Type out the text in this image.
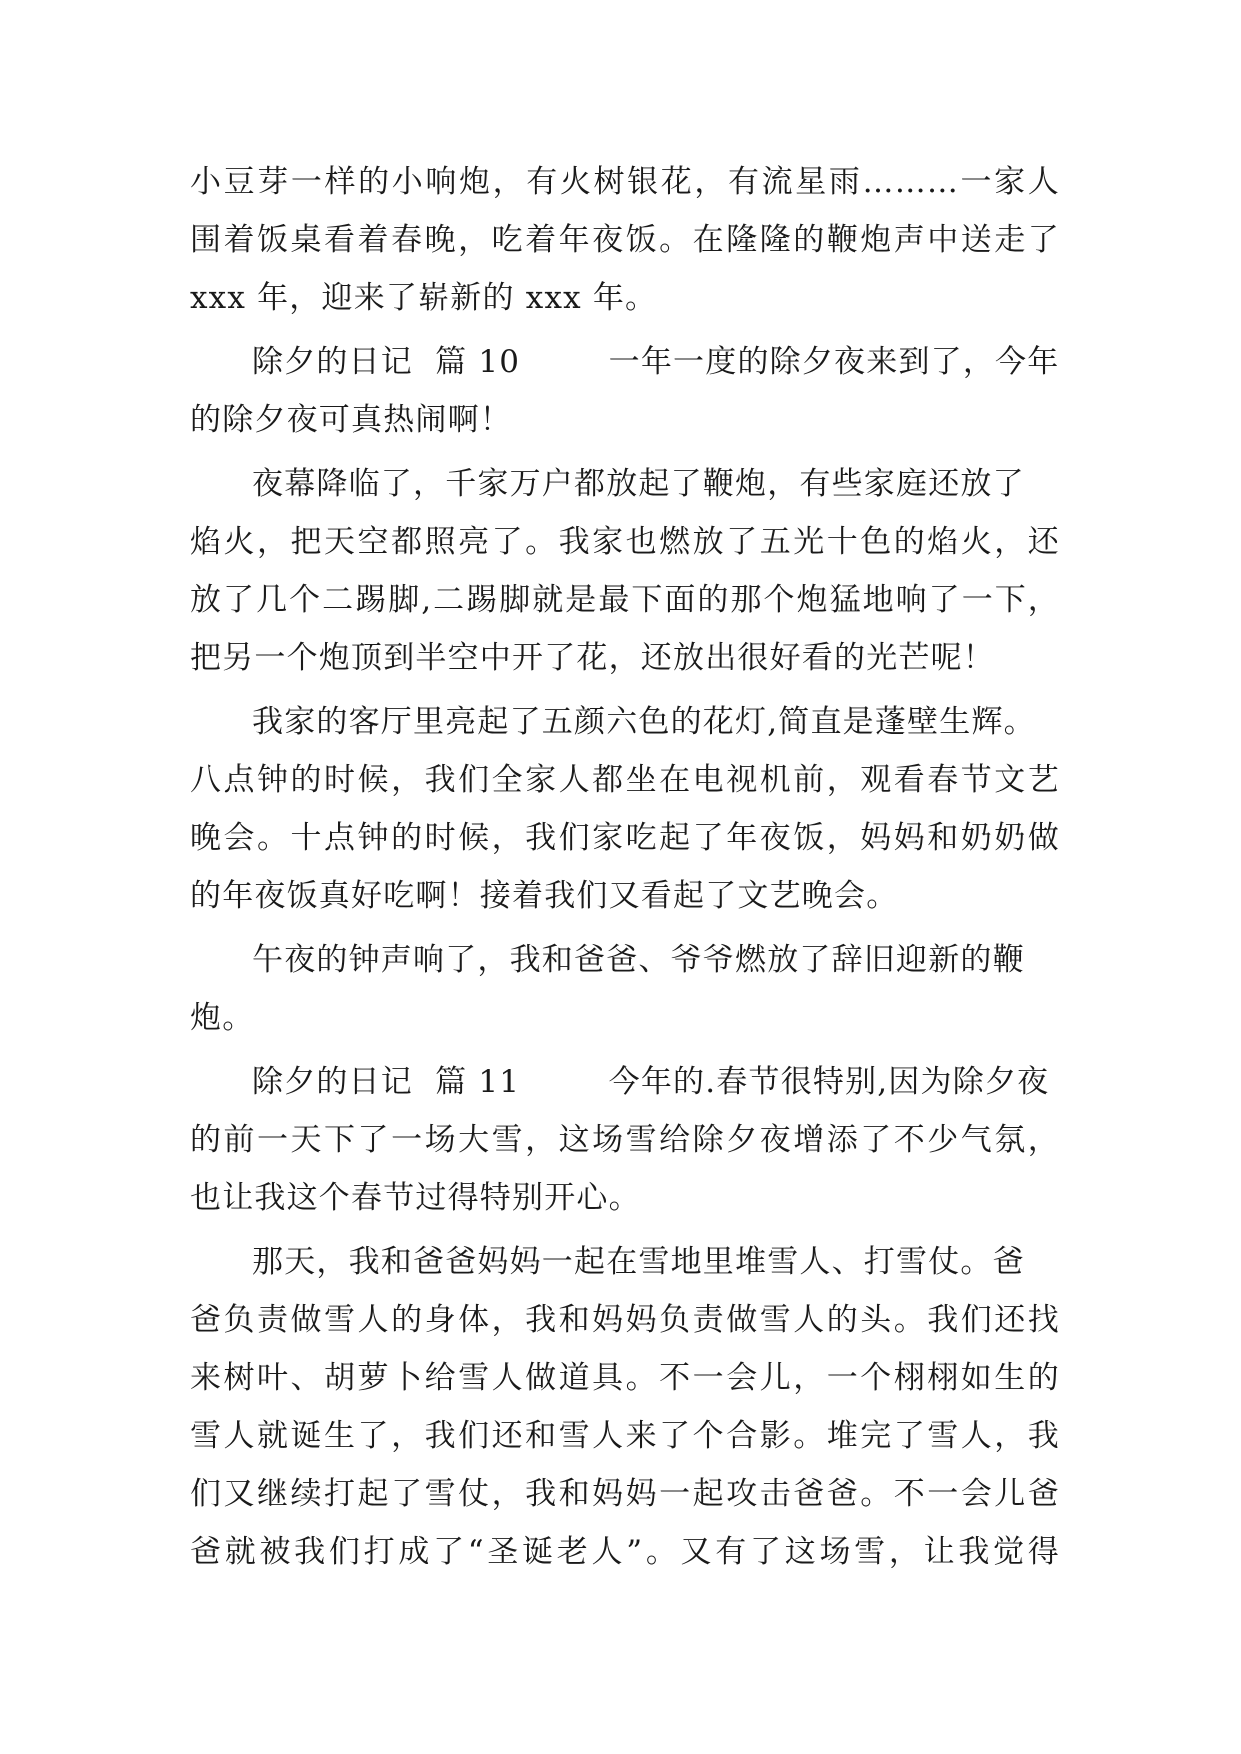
小豆芽一样的小响炮，有火树银花，有流星雨………一家人
围着饭桌看着春晚，吃着年夜饭。在隆隆的鞭炮声中送走了
xxx 年，迎来了崭新的 xxx 年。
除夕的日记  篇 10        一年一度的除夕夜来到了，今年
的除夕夜可真热闹啊！
夜幕降临了，千家万户都放起了鞭炮，有些家庭还放了
焰火，把天空都照亮了。我家也燃放了五光十色的焰火，还
放了几个二踢脚,二踢脚就是最下面的那个炮猛地响了一下，
把另一个炮顶到半空中开了花，还放出很好看的光芒呢！
我家的客厅里亮起了五颜六色的花灯,简直是蓬壁生辉。
八点钟的时候，我们全家人都坐在电视机前，观看春节文艺
晚会。十点钟的时候，我们家吃起了年夜饭，妈妈和奶奶做
的年夜饭真好吃啊！接着我们又看起了文艺晚会。
午夜的钟声响了，我和爸爸、爷爷燃放了辞旧迎新的鞭
炮。
除夕的日记  篇 11        今年的.春节很特别,因为除夕夜
的前一天下了一场大雪，这场雪给除夕夜增添了不少气氛，
也让我这个春节过得特别开心。
那天，我和爸爸妈妈一起在雪地里堆雪人、打雪仗。爸
爸负责做雪人的身体，我和妈妈负责做雪人的头。我们还找
来树叶、胡萝卜给雪人做道具。不一会儿，一个栩栩如生的
雪人就诞生了，我们还和雪人来了个合影。堆完了雪人，我
们又继续打起了雪仗，我和妈妈一起攻击爸爸。不一会儿爸
爸就被我们打成了“圣诞老人”。又有了这场雪，让我觉得
